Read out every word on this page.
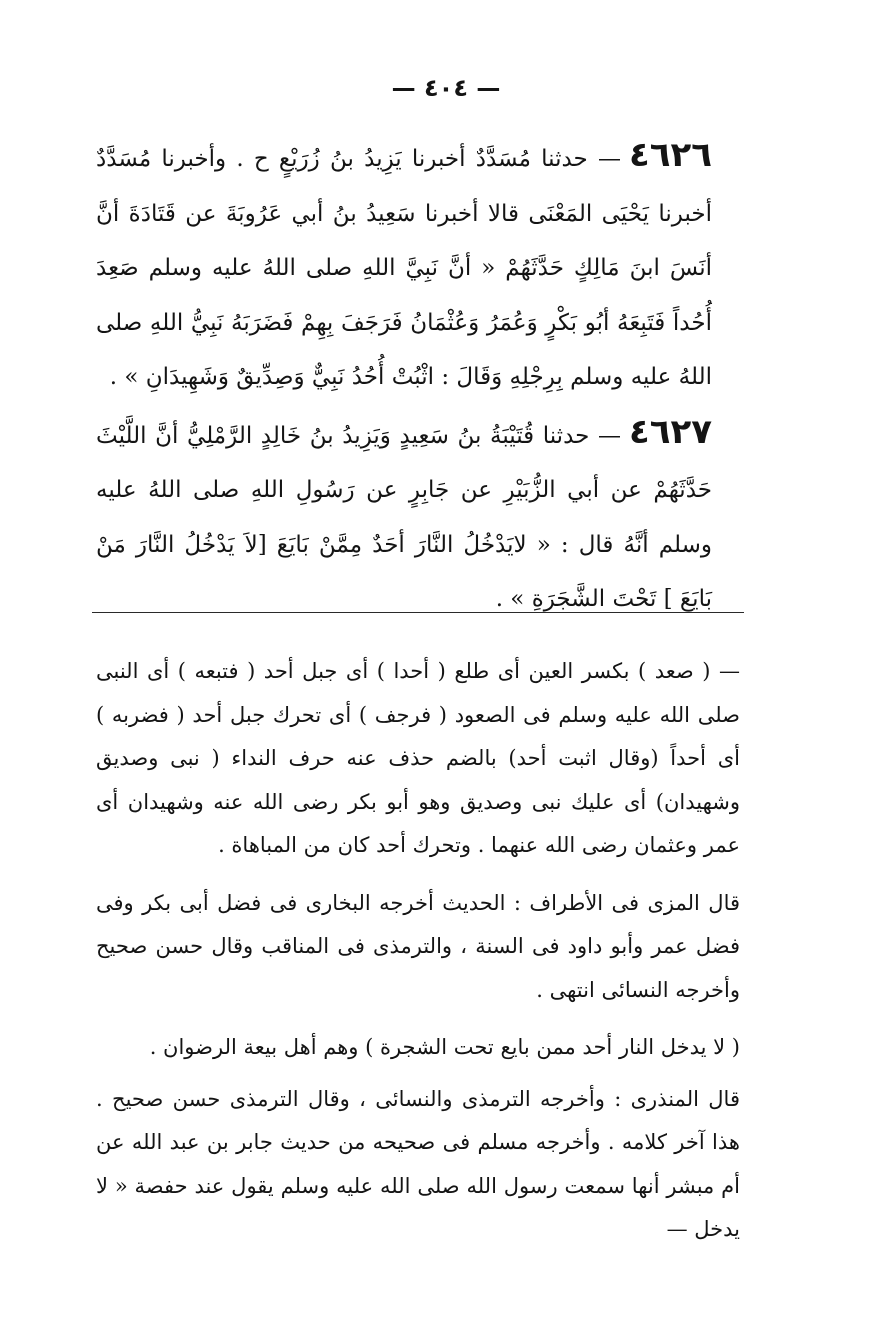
— ٤٠٤ —

٤٦٢٦— حدثنا مُسَدَّدٌ أخبرنا يَزِيدُ بنُ زُرَيْعٍ ح . وأخبرنا مُسَدَّدٌ أخبرنا يَحْيَى المَعْنَى قالا أخبرنا سَعِيدُ بنُ أبي عَرُوبَةَ عن قَتَادَةَ أنَّ أنَسَ ابنَ مَالِكٍ حَدَّثَهُمْ « أنَّ نَبِيَّ اللهِ صلى اللهُ عليه وسلم صَعِدَ أُحُداً فَتَبِعَهُ أبُو بَكْرٍ وَعُمَرُ وَعُثْمَانُ فَرَجَفَ بِهِمْ فَضَرَبَهُ نَبِيُّ اللهِ صلى اللهُ عليه وسلم بِرِجْلِهِ وَقَالَ : اثْبُتْ أُحُدُ نَبِيٌّ وَصِدِّيقٌ وَشَهِيدَانِ » .

٤٦٢٧— حدثنا قُتَيْبَةُ بنُ سَعِيدٍ وَيَزِيدُ بنُ خَالِدٍ الرَّمْلِيُّ أنَّ اللَّيْثَ حَدَّثَهُمْ عن أبي الزُّبَيْرِ عن جَابِرٍ عن رَسُولِ اللهِ صلى اللهُ عليه وسلم أنَّهُ قال : « لايَدْخُلُ النَّارَ أحَدٌ مِمَّنْ بَايَعَ [لاَ يَدْخُلُ النَّارَ مَنْ بَايَعَ ] تَحْتَ الشَّجَرَةِ » .

— ( صعد ) بكسر العين أى طلع ( أحدا ) أى جبل أحد ( فتبعه ) أى النبى صلى الله عليه وسلم فى الصعود ( فرجف ) أى تحرك جبل أحد ( فضربه ) أى أحداً (وقال اثبت أحد) بالضم حذف عنه حرف النداء ( نبى وصديق وشهيدان) أى عليك نبى وصديق وهو أبو بكر رضى الله عنه وشهيدان أى عمر وعثمان رضى الله عنهما . وتحرك أحد كان من المباهاة .

قال المزى فى الأطراف : الحديث أخرجه البخارى فى فضل أبى بكر وفى فضل عمر وأبو داود فى السنة ، والترمذى فى المناقب وقال حسن صحيح وأخرجه النسائى انتهى .

( لا يدخل النار أحد ممن بايع تحت الشجرة ) وهم أهل بيعة الرضوان .

قال المنذرى : وأخرجه الترمذى والنسائى ، وقال الترمذى حسن صحيح . هذا آخر كلامه . وأخرجه مسلم فى صحيحه من حديث جابر بن عبد الله عن أم مبشر أنها سمعت رسول الله صلى الله عليه وسلم يقول عند حفصة « لا يدخل —
